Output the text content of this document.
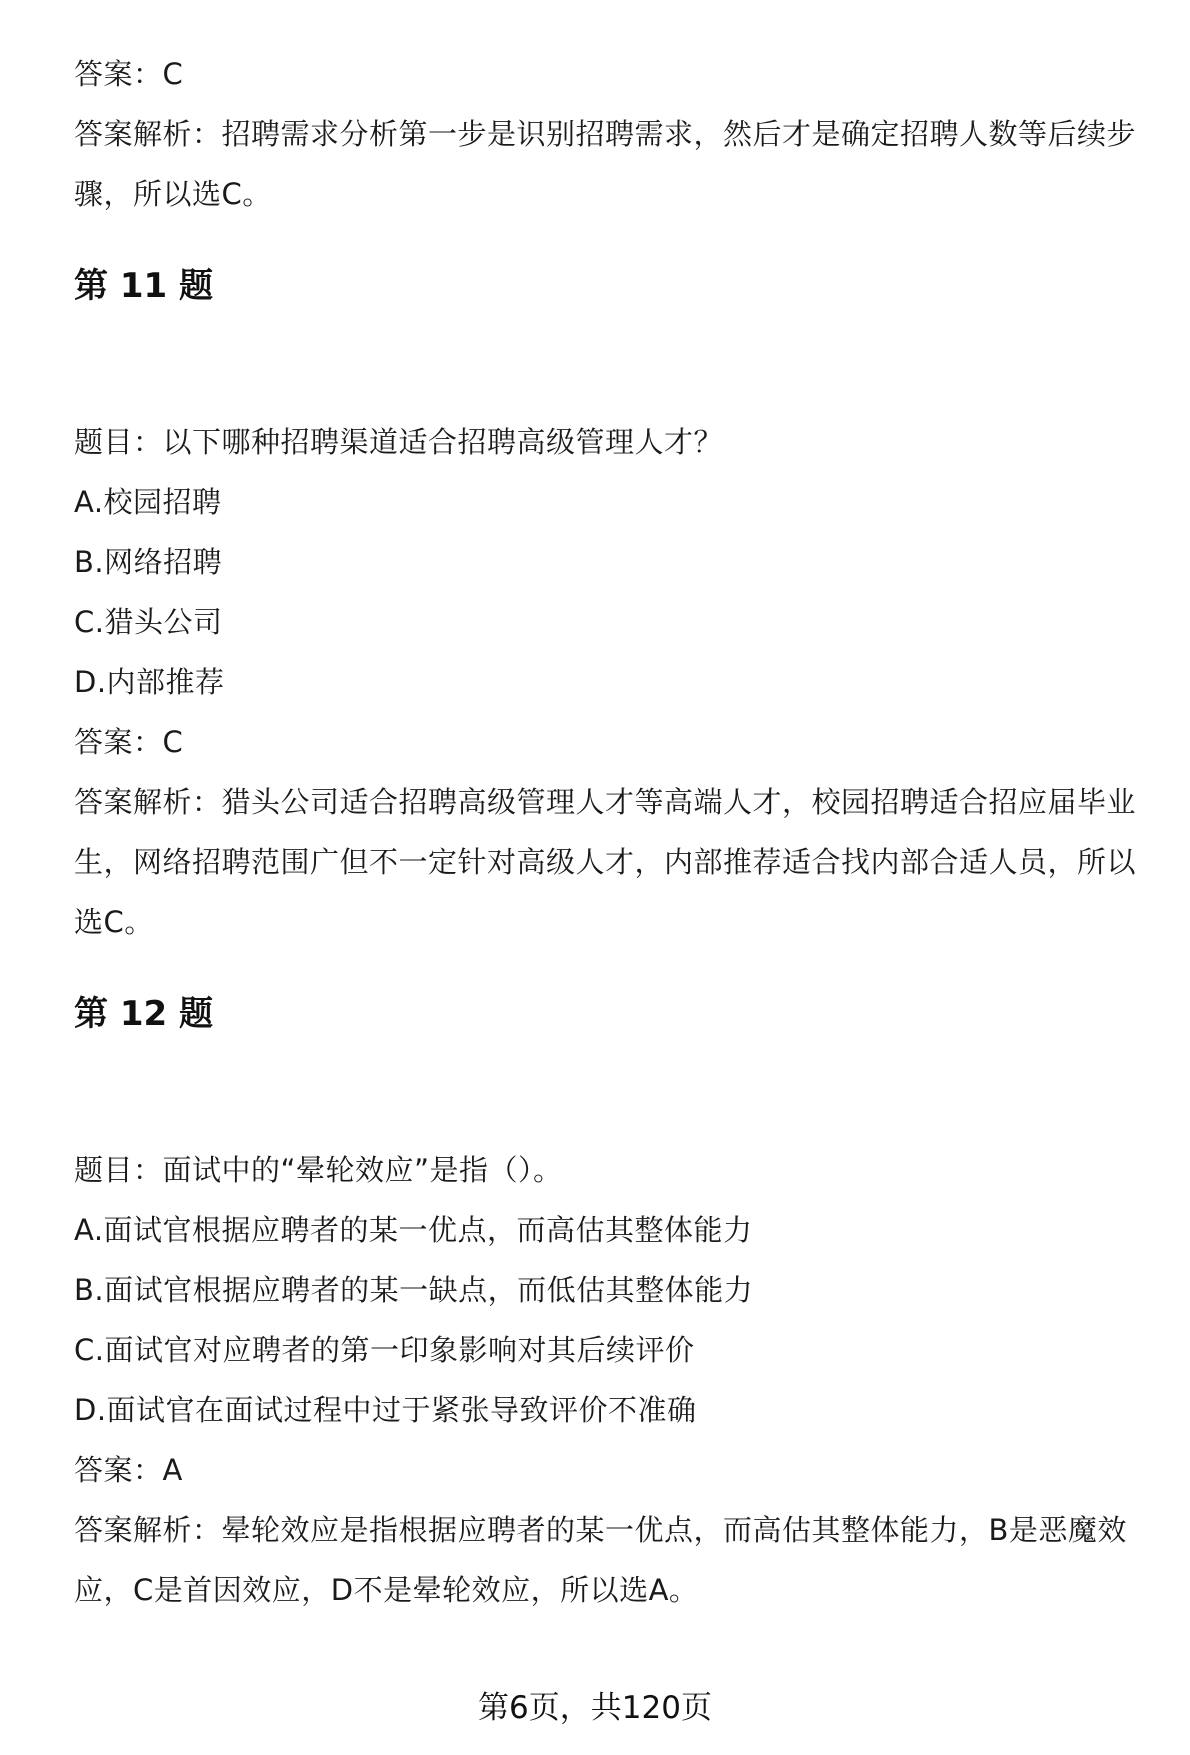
答案：C

答案解析：招聘需求分析第一步是识别招聘需求，然后才是确定招聘人数等后续步骤，所以选C。

第 11 题

题目：以下哪种招聘渠道适合招聘高级管理人才？

A.校园招聘

B.网络招聘

C.猎头公司

D.内部推荐

答案：C

答案解析：猎头公司适合招聘高级管理人才等高端人才，校园招聘适合招应届毕业生，网络招聘范围广但不一定针对高级人才，内部推荐适合找内部合适人员，所以选C。

第 12 题

题目：面试中的“晕轮效应”是指（）。

A.面试官根据应聘者的某一优点，而高估其整体能力

B.面试官根据应聘者的某一缺点，而低估其整体能力

C.面试官对应聘者的第一印象影响对其后续评价

D.面试官在面试过程中过于紧张导致评价不准确

答案：A

答案解析：晕轮效应是指根据应聘者的某一优点，而高估其整体能力，B是恶魔效应，C是首因效应，D不是晕轮效应，所以选A。

第6页，共120页
